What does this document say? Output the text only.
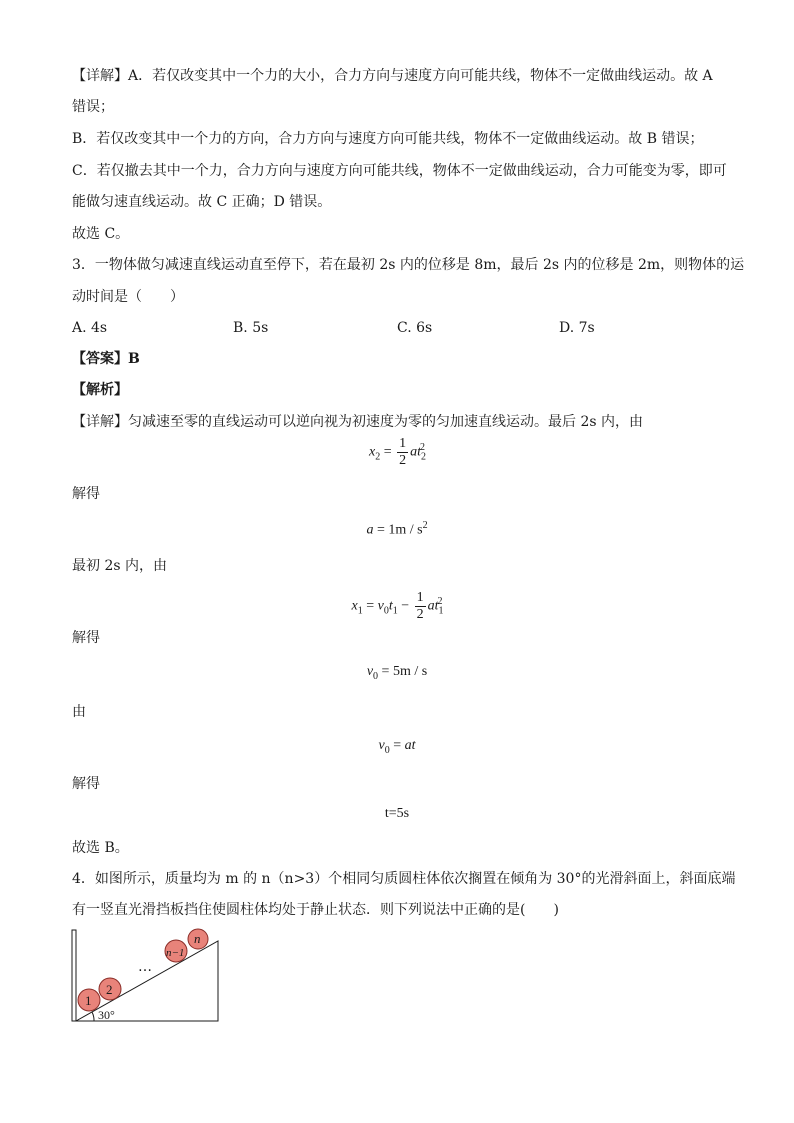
【详解】A．若仅改变其中一个力的大小，合力方向与速度方向可能共线，物体不一定做曲线运动。故 A
错误；
B．若仅改变其中一个力的方向，合力方向与速度方向可能共线，物体不一定做曲线运动。故 B 错误；
C．若仅撤去其中一个力，合力方向与速度方向可能共线，物体不一定做曲线运动，合力可能变为零，即可
能做匀速直线运动。故 C 正确；D 错误。
故选 C。
3．一物体做匀减速直线运动直至停下，若在最初 2s 内的位移是 8m，最后 2s 内的位移是 2m，则物体的运
动时间是（　　）
A. 4s	B. 5s	C. 6s	D. 7s
【答案】B
【解析】
【详解】匀减速至零的直线运动可以逆向视为初速度为零的匀加速直线运动。最后 2s 内，由
$x_2 = \frac{1}{2} at_2^2$
解得
$a = 1m / s^2$
最初 2s 内，由
$x_1 = v_0t_1 - \frac{1}{2} at_1^2$
解得
$v_0 = 5m / s$
由
$v_0$ = at
解得
t=5s
故选 B。
4．如图所示，质量均为 m 的 n（n>3）个相同匀质圆柱体依次搁置在倾角为 30°的光滑斜面上，斜面底端
有一竖直光滑挡板挡住使圆柱体均处于静止状态．则下列说法中正确的是(　　)
30°
1
2
…
n−1
n
